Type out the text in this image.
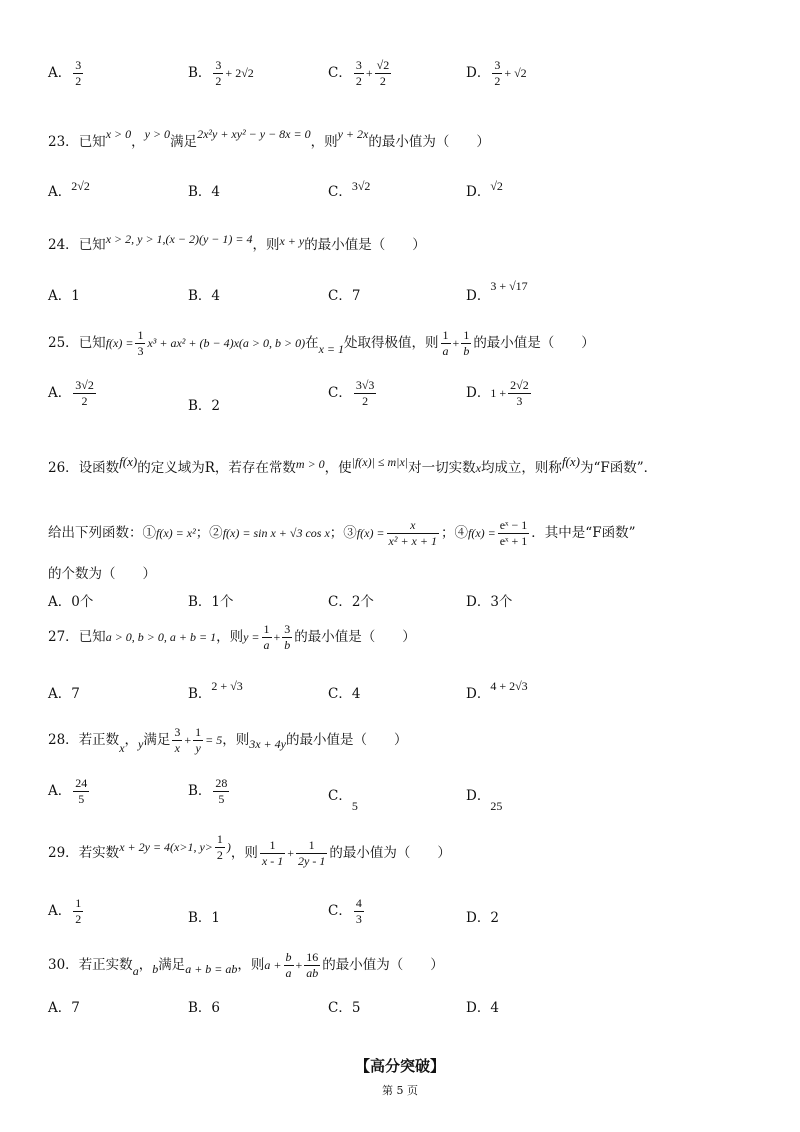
A． $\frac{3}{2}$	B． $\frac{3}{2} + 2√2$	C． $\frac{3}{2} + \frac{√2}{2}$	D． $\frac{3}{2} + √2$
23．已知x > 0，y > 0满足2x²y + xy² − y − 8x = 0，则y + 2x的最小值为（　　）
A．2√2	B．4	C．3√2	D．√2
24．已知x > 2, y > 1,(x − 2)(y − 1) = 4，则x + y的最小值是（　　）
A．1	B．4	C．7	D．3 + √17
25．已知$f(x) = \frac{1}{3} x^3 + ax^2 + (b - 4)x(a > 0$, b > 0)在x = 1处取得极值，则 $\frac{1}{a} + \frac{1}{b}$ 的最小值是（　　）
A． $\frac{3√2}{2}$	B．2
C． $\frac{3√3}{2}$	D．$1 + \frac{2√2}{3}$
26．设函数f(x)的定义域为R，若存在常数m > 0，使|f(x)| ≤ m|x|对一切实数x均成立，则称f(x)为“F函数”．
给出下列函数：①f(x) = x²；②f(x) = sin x + √3 cos x；③f(x) = $\frac{x}{\text{x² + x + 1}}$ ；④f(x) = $\frac{\text{eˣ − 1}}{\text{eˣ + 1}}$ ．其中是“F函数”
的个数为（　　）
A．0个	B．1个	C．2个	D．3个
27．已知a > 0, b > 0, a + b = 1，则$y = \frac{1}{a} + \frac{3}{b}$ 的最小值是（　　）
A．7	B．2 + √3	C．4	D．4 + 2√3
28．若正数x，y满足 $\frac{3}{x} + \frac{1}{y} = 5$，则3x + 4y的最小值是（　　）
A． $\frac{24}{5}$	B． $\frac{28}{5}$	C．5
D．25
29．若实数x + 2y = 4(x>1, $y> \frac{1}{2}$ )，则 $\frac{1}{x - 1} + \frac{1}{2y - 1}$ 的最小值为（　　）
A． $\frac{1}{2}$	B．1	C． $\frac{4}{3}$	D．2
30．若正实数a，b满足a + b = ab，则$a + \frac{b}{a} + \frac{16}{ab}$ 的最小值为（　　）
A．7	B．6	C．5	D．4
【高分突破】
第 5 页
